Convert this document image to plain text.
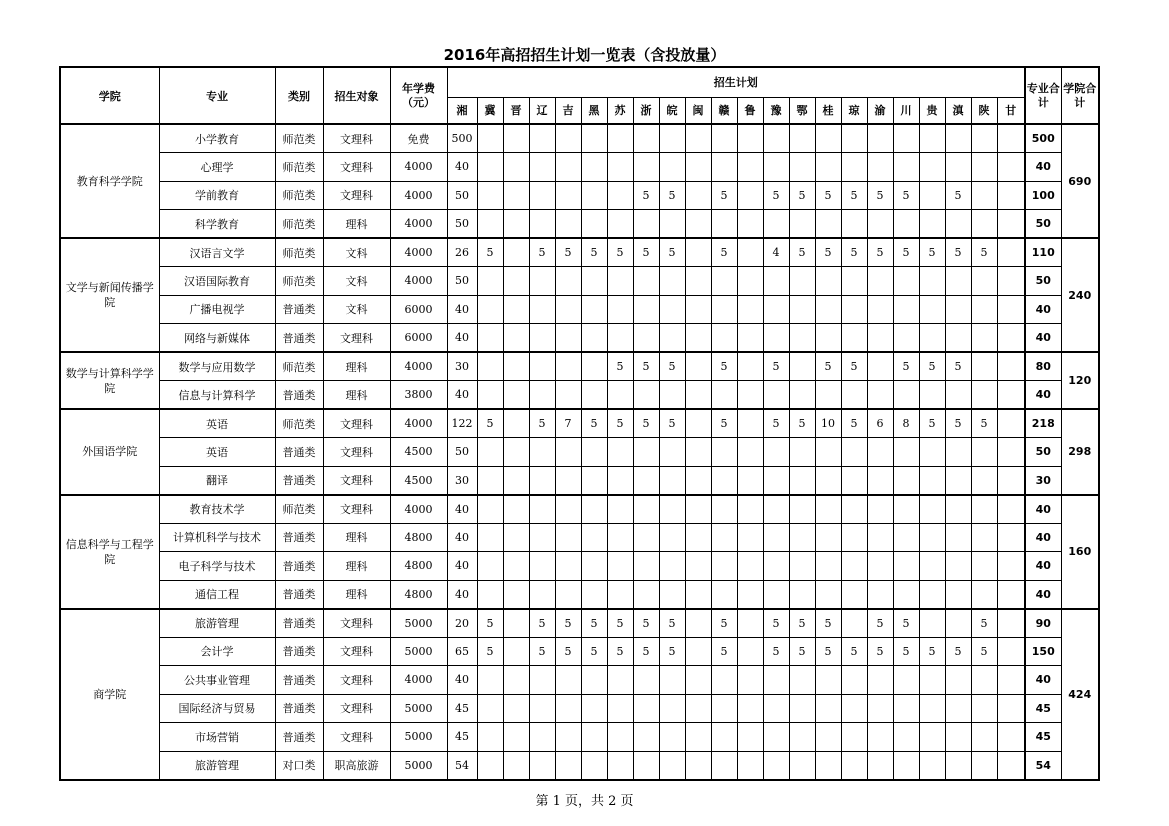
2016年高招招生计划一览表（含投放量）
学院	专业	类别	招生对象	年学费（元）	招生计划																						专业合计	学院合计
					湘	冀	晋	辽	吉	黑	苏	浙	皖	闽	赣	鲁	豫	鄂	桂	琼	渝	川	贵	滇	陕	甘		
教育科学学院	小学教育	师范类	文理科	免费	500																						500	690
	心理学	师范类	文理科	4000	40																						40	
	学前教育	师范类	文理科	4000	50							5	5		5		5	5	5	5	5	5		5			100	
	科学教育	师范类	理科	4000	50																						50	
文学与新闻传播学院	汉语言文学	师范类	文科	4000	26	5		5	5	5	5	5	5		5		4	5	5	5	5	5	5	5	5		110	240
	汉语国际教育	师范类	文科	4000	50																						50	
	广播电视学	普通类	文科	6000	40																						40	
	网络与新媒体	普通类	文理科	6000	40																						40	
数学与计算科学学院	数学与应用数学	师范类	理科	4000	30						5	5	5		5		5		5	5		5	5	5			80	120
	信息与计算科学	普通类	理科	3800	40																						40	
外国语学院	英语	师范类	文理科	4000	122	5		5	7	5	5	5	5		5		5	5	10	5	6	8	5	5	5		218	298
	英语	普通类	文理科	4500	50																						50	
	翻译	普通类	文理科	4500	30																						30	
信息科学与工程学院	教育技术学	师范类	文理科	4000	40																						40	160
	计算机科学与技术	普通类	理科	4800	40																						40	
	电子科学与技术	普通类	理科	4800	40																						40	
	通信工程	普通类	理科	4800	40																						40	
商学院	旅游管理	普通类	文理科	5000	20	5		5	5	5	5	5	5		5		5	5	5		5	5			5		90	424
	会计学	普通类	文理科	5000	65	5		5	5	5	5	5	5		5		5	5	5	5	5	5	5	5	5		150	
	公共事业管理	普通类	文理科	4000	40																						40	
	国际经济与贸易	普通类	文理科	5000	45																						45	
	市场营销	普通类	文理科	5000	45																						45	
	旅游管理	对口类	职高旅游	5000	54																						54	
第 1 页，共 2 页
